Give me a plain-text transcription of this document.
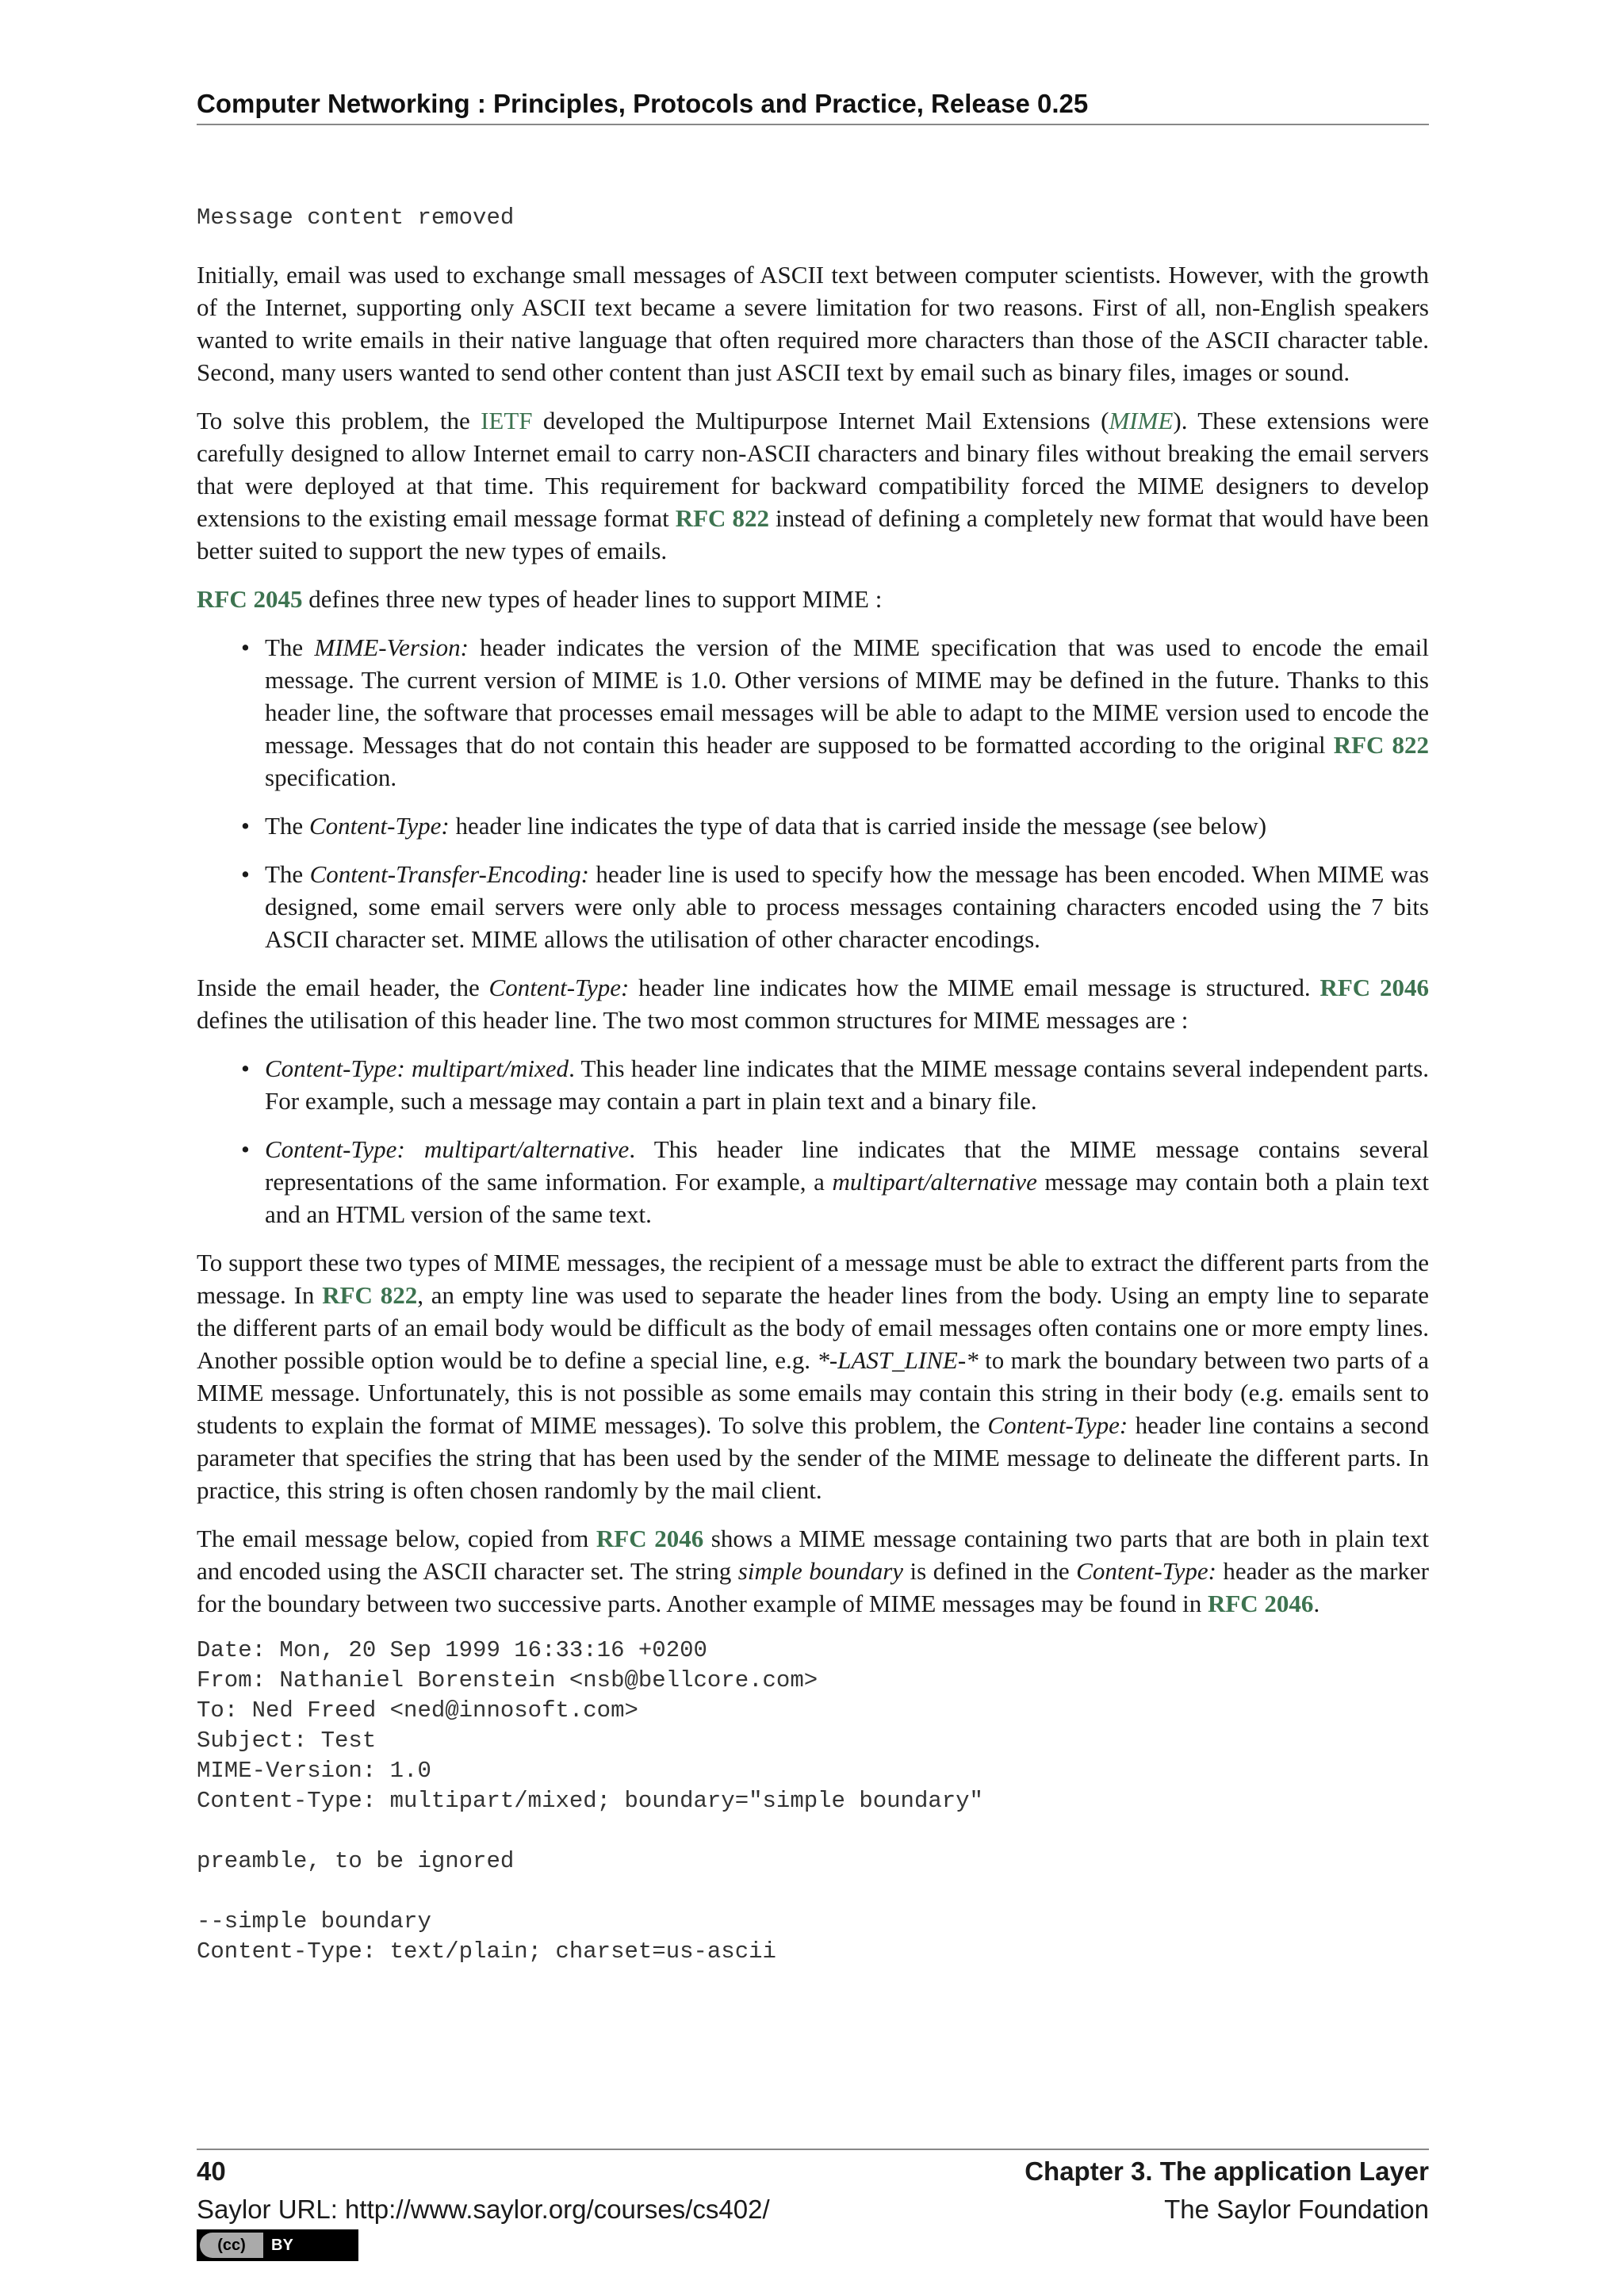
Computer Networking : Principles, Protocols and Practice, Release 0.25
Message content removed

Initially, email was used to exchange small messages of ASCII text between computer scientists. However, with the growth of the Internet, supporting only ASCII text became a severe limitation for two reasons. First of all, non-English speakers wanted to write emails in their native language that often required more characters than those of the ASCII character table. Second, many users wanted to send other content than just ASCII text by email such as binary files, images or sound.

To solve this problem, the IETF developed the Multipurpose Internet Mail Extensions (MIME). These extensions were carefully designed to allow Internet email to carry non-ASCII characters and binary files without breaking the email servers that were deployed at that time. This requirement for backward compatibility forced the MIME designers to develop extensions to the existing email message format RFC 822 instead of defining a completely new format that would have been better suited to support the new types of emails.

RFC 2045 defines three new types of header lines to support MIME :

• The MIME-Version: header indicates the version of the MIME specification that was used to encode the email message. The current version of MIME is 1.0. Other versions of MIME may be defined in the future. Thanks to this header line, the software that processes email messages will be able to adapt to the MIME version used to encode the message. Messages that do not contain this header are supposed to be formatted according to the original RFC 822 specification.
• The Content-Type: header line indicates the type of data that is carried inside the message (see below)
• The Content-Transfer-Encoding: header line is used to specify how the message has been encoded. When MIME was designed, some email servers were only able to process messages containing characters encoded using the 7 bits ASCII character set. MIME allows the utilisation of other character encodings.

Inside the email header, the Content-Type: header line indicates how the MIME email message is structured. RFC 2046 defines the utilisation of this header line. The two most common structures for MIME messages are :

• Content-Type: multipart/mixed. This header line indicates that the MIME message contains several independent parts. For example, such a message may contain a part in plain text and a binary file.
• Content-Type: multipart/alternative. This header line indicates that the MIME message contains several representations of the same information. For example, a multipart/alternative message may contain both a plain text and an HTML version of the same text.

To support these two types of MIME messages, the recipient of a message must be able to extract the different parts from the message. In RFC 822, an empty line was used to separate the header lines from the body. Using an empty line to separate the different parts of an email body would be difficult as the body of email messages often contains one or more empty lines. Another possible option would be to define a special line, e.g. *-LAST_LINE-* to mark the boundary between two parts of a MIME message. Unfortunately, this is not possible as some emails may contain this string in their body (e.g. emails sent to students to explain the format of MIME messages). To solve this problem, the Content-Type: header line contains a second parameter that specifies the string that has been used by the sender of the MIME message to delineate the different parts. In practice, this string is often chosen randomly by the mail client.

The email message below, copied from RFC 2046 shows a MIME message containing two parts that are both in plain text and encoded using the ASCII character set. The string simple boundary is defined in the Content-Type: header as the marker for the boundary between two successive parts. Another example of MIME messages may be found in RFC 2046.

Date: Mon, 20 Sep 1999 16:33:16 +0200
From: Nathaniel Borenstein <nsb@bellcore.com>
To: Ned Freed <ned@innosoft.com>
Subject: Test
MIME-Version: 1.0
Content-Type: multipart/mixed; boundary="simple boundary"

preamble, to be ignored

--simple boundary
Content-Type: text/plain; charset=us-ascii
40	Chapter 3. The application Layer
Saylor URL: http://www.saylor.org/courses/cs402/	The Saylor Foundation
(cc)	BY
